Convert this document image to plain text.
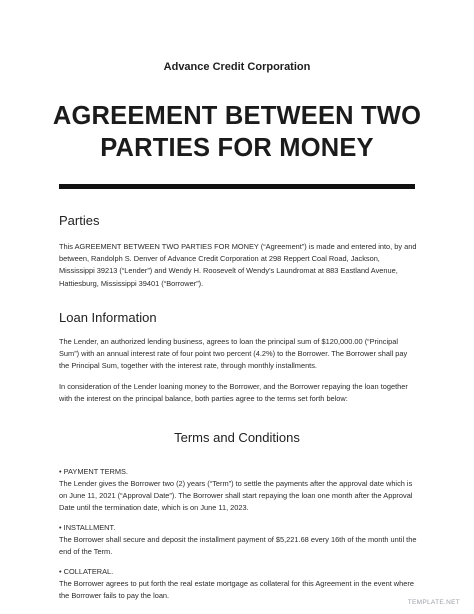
Advance Credit Corporation
AGREEMENT BETWEEN TWO
PARTIES FOR MONEY
Parties

This AGREEMENT BETWEEN TWO PARTIES FOR MONEY (“Agreement”) is made and entered into, by and between, Randolph S. Denver of Advance Credit Corporation at 298 Reppert Coal Road, Jackson, Mississippi 39213 (“Lender”) and Wendy H. Roosevelt of Wendy’s Laundromat at 883 Eastland Avenue, Hattiesburg, Mississippi 39401 (“Borrower”).

Loan Information

The Lender, an authorized lending business, agrees to loan the principal sum of $120,000.00 (“Principal Sum”) with an annual interest rate of four point two percent (4.2%) to the Borrower. The Borrower shall pay the Principal Sum, together with the interest rate, through monthly installments.

In consideration of the Lender loaning money to the Borrower, and the Borrower repaying the loan together with the interest on the principal balance, both parties agree to the terms set forth below:

Terms and Conditions

• PAYMENT TERMS.

The Lender gives the Borrower two (2) years (“Term”) to settle the payments after the approval date which is on June 11, 2021 (“Approval Date”). The Borrower shall start repaying the loan one month after the Approval Date until the termination date, which is on June 11, 2023.

• INSTALLMENT.

The Borrower shall secure and deposit the installment payment of $5,221.68 every 16th of the month until the end of the Term.

• COLLATERAL.

The Borrower agrees to put forth the real estate mortgage as collateral for this Agreement in the event where the Borrower fails to pay the loan.

TEMPLATE.NET
